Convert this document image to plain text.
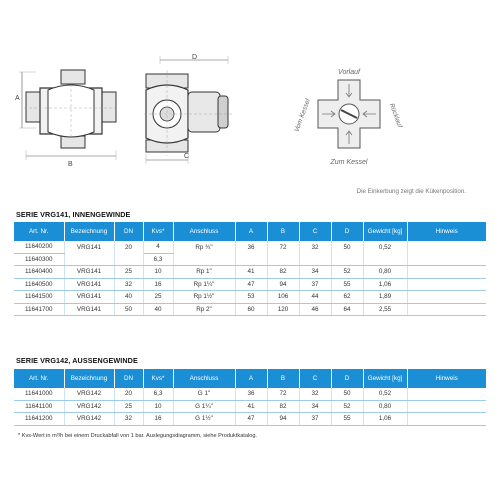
A
B
D
C
Vorlauf
Zum Kessel
Vom Kessel	Rücklauf
Die Einkerbung zeigt die Kükenposition.
SERIE VRG141, INNENGEWINDE
Art. Nr.	Bezeichnung	DN	Kvs*	Anschluss	A	B	C	D	Gewicht [kg]	Hinweis
11640200	VRG141	20	4	Rp ¾"	36	72	32	50	0,52	
11640300			6,3							
11640400	VRG141	25	10	Rp 1"	41	82	34	52	0,80	
11640500	VRG141	32	16	Rp 1¼"	47	94	37	55	1,06	
11641500	VRG141	40	25	Rp 1½"	53	106	44	62	1,89	
11641700	VRG141	50	40	Rp 2"	60	120	46	64	2,55	
SERIE VRG142, AUSSENGEWINDE
Art. Nr.	Bezeichnung	DN	Kvs*	Anschluss	A	B	C	D	Gewicht [kg]	Hinweis
11641000	VRG142	20	6,3	G 1"	36	72	32	50	0,52	
11641100	VRG142	25	10	G 1¼"	41	82	34	52	0,80	
11641200	VRG142	32	16	G 1½"	47	94	37	55	1,06	
* Kvs-Wert in m³/h bei einem Druckabfall von 1 bar. Auslegungsdiagramm, siehe Produktkatalog.
